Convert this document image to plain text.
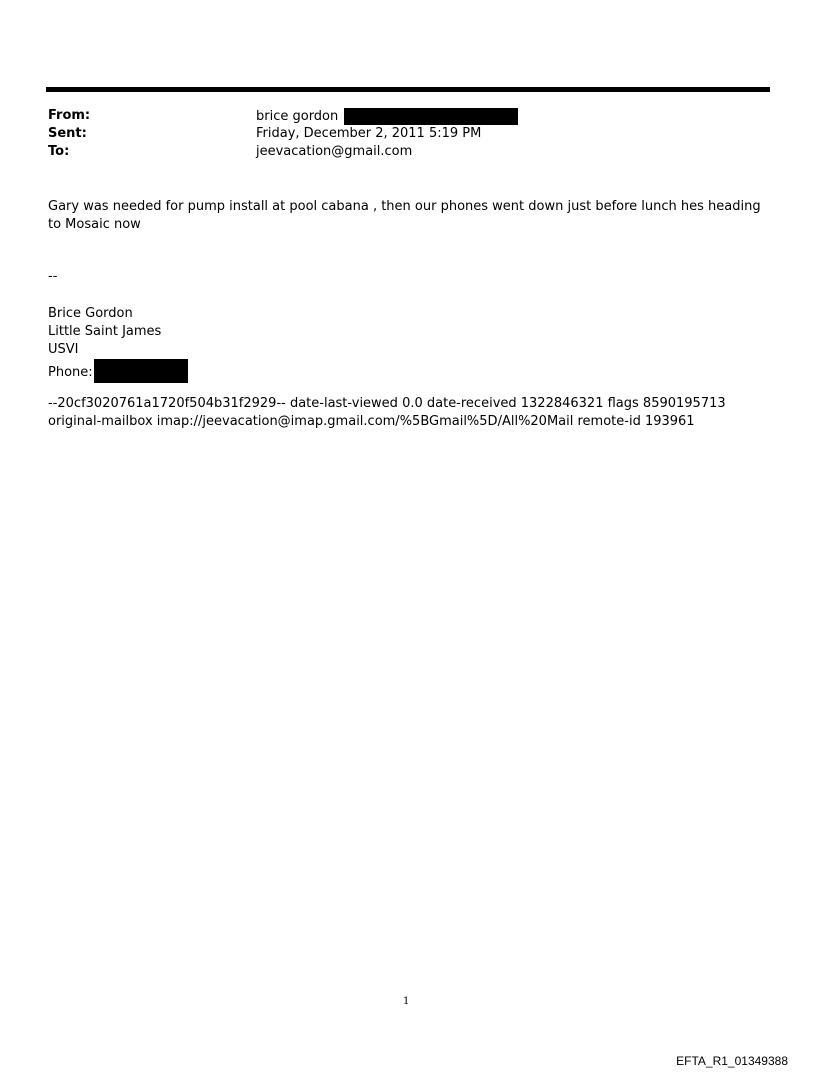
From:	brice gordon
Sent:	Friday, December 2, 2011 5:19 PM
To:	jeevacation@gmail.com
Gary was needed for pump install at pool cabana , then our phones went down just before lunch hes heading to Mosaic now
--
Brice Gordon
Little Saint James
USVI
Phone:
--20cf3020761a1720f504b31f2929-- date-last-viewed 0.0 date-received 1322846321 flags 8590195713 original-mailbox imap://jeevacation@imap.gmail.com/%5BGmail%5D/All%20Mail remote-id 193961
1
EFTA_R1_01349388
